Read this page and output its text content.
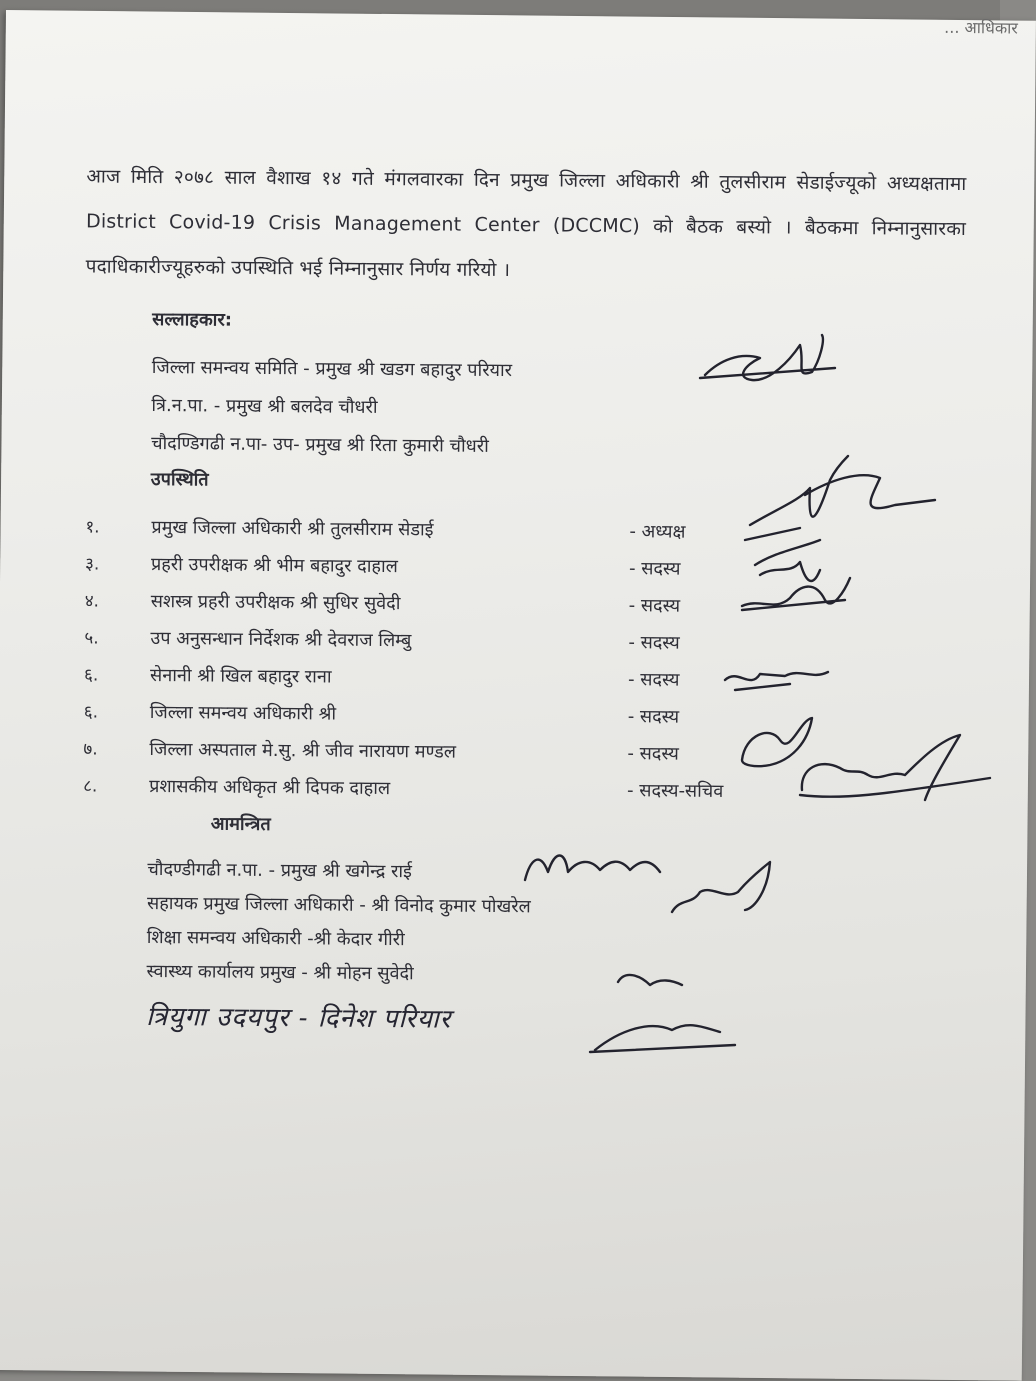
... आधिकार

आज मिति २०७८ साल वैशाख १४ गते मंगलवारका दिन प्रमुख जिल्ला अधिकारी श्री तुलसीराम सेडाईज्यूको अध्यक्षतामा District Covid-19 Crisis Management Center (DCCMC) को बैठक बस्यो । बैठकमा निम्नानुसारका पदाधिकारीज्यूहरुको उपस्थिति भई निम्नानुसार निर्णय गरियो ।

सल्लाहकार:
जिल्ला समन्वय समिति - प्रमुख श्री खडग बहादुर परियार
त्रि.न.पा. - प्रमुख श्री बलदेव चौधरी
चौदण्डिगढी न.पा- उप- प्रमुख श्री रिता कुमारी चौधरी
उपस्थिति
१.	प्रमुख जिल्ला अधिकारी श्री तुलसीराम सेडाई	- अध्यक्ष
३.	प्रहरी उपरीक्षक श्री भीम बहादुर दाहाल	- सदस्य
४.	सशस्त्र प्रहरी उपरीक्षक श्री सुधिर सुवेदी	- सदस्य
५.	उप अनुसन्धान निर्देशक श्री देवराज लिम्बु	- सदस्य
६.	सेनानी श्री खिल बहादुर राना	- सदस्य
६.	जिल्ला समन्वय अधिकारी श्री	- सदस्य
७.	जिल्ला अस्पताल मे.सु. श्री जीव नारायण मण्डल	- सदस्य
८.	प्रशासकीय अधिकृत श्री दिपक दाहाल	- सदस्य-सचिव
आमन्त्रित
चौदण्डीगढी न.पा. - प्रमुख श्री खगेन्द्र राई
सहायक प्रमुख जिल्ला अधिकारी - श्री विनोद कुमार पोखरेल
शिक्षा समन्वय अधिकारी -श्री केदार गीरी
स्वास्थ्य कार्यालय प्रमुख - श्री मोहन सुवेदी
त्रियुगा उदयपुर - दिनेश परियार
